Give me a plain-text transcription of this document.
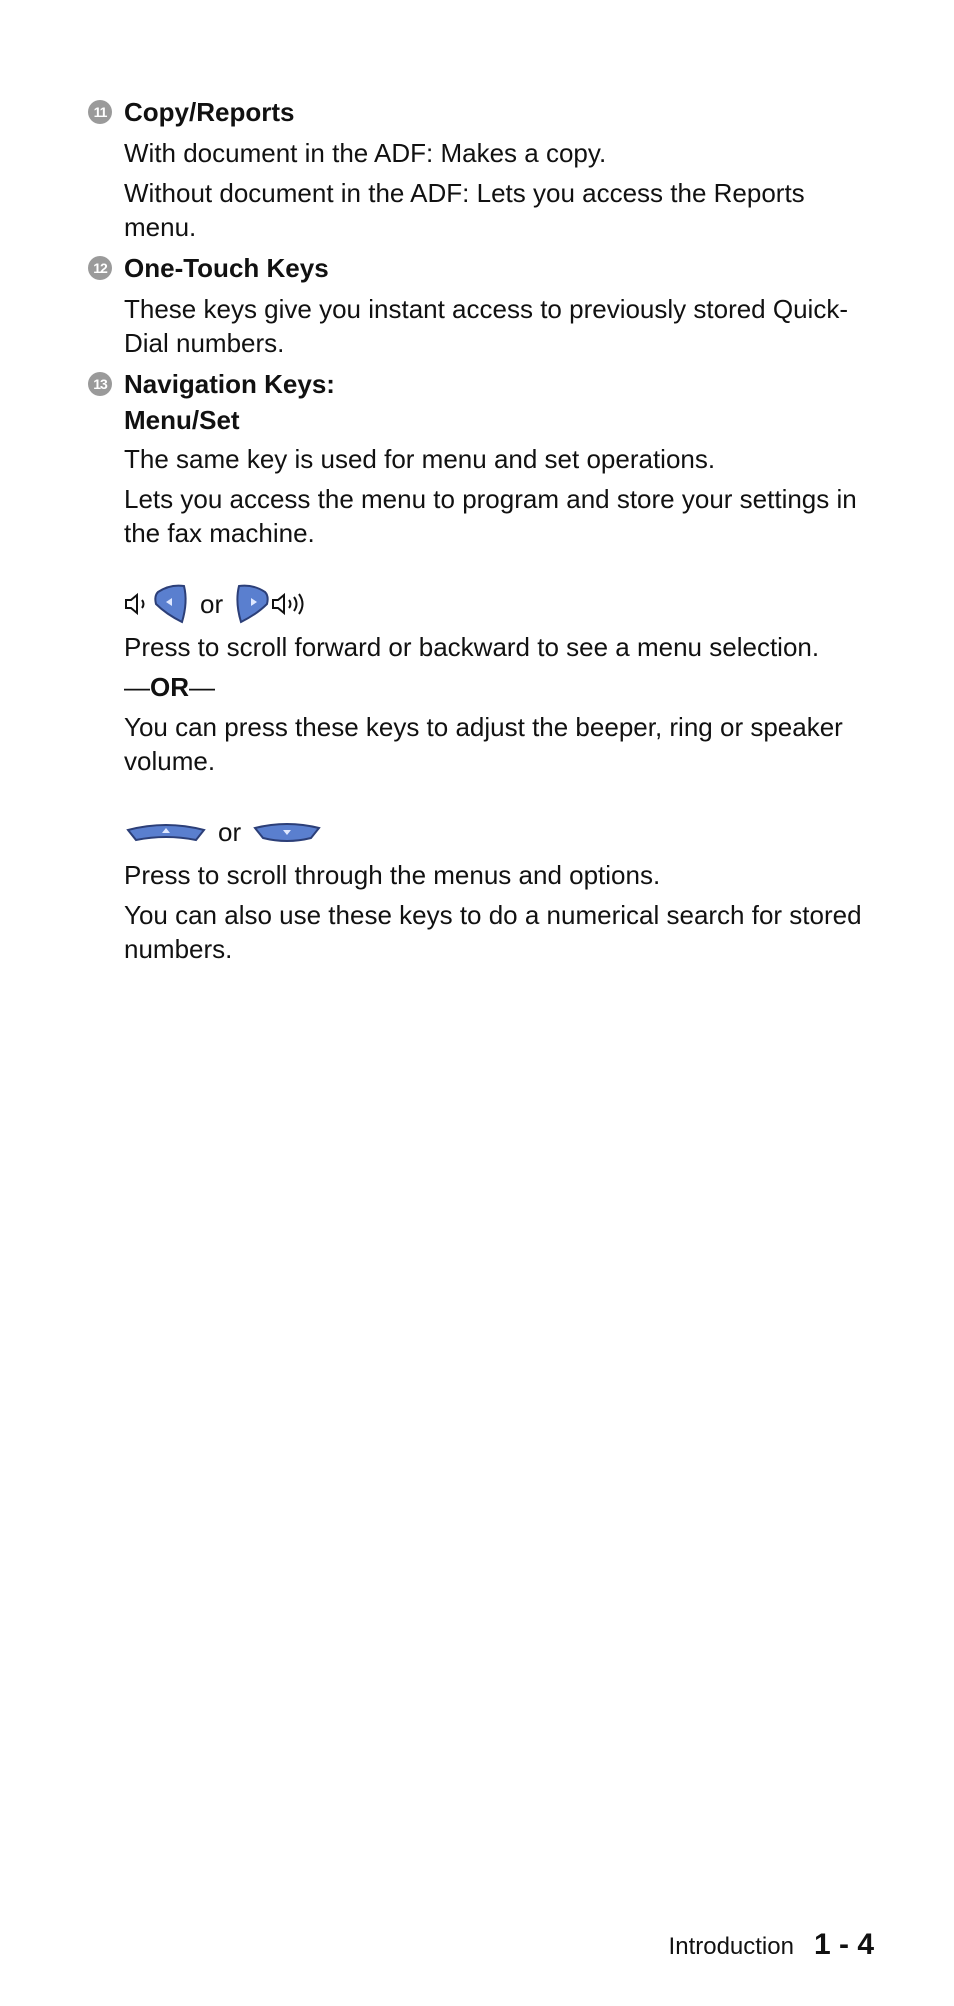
11 Copy/Reports
With document in the ADF: Makes a copy.
Without document in the ADF: Lets you access the Reports menu.
12 One-Touch Keys
These keys give you instant access to previously stored Quick-Dial numbers.
13 Navigation Keys:
Menu/Set
The same key is used for menu and set operations.
Lets you access the menu to program and store your settings in the fax machine.
or
Press to scroll forward or backward to see a menu selection.
—OR—
You can press these keys to adjust the beeper, ring or speaker volume.
or
Press to scroll through the menus and options.
You can also use these keys to do a numerical search for stored numbers.
Introduction 1 - 4
